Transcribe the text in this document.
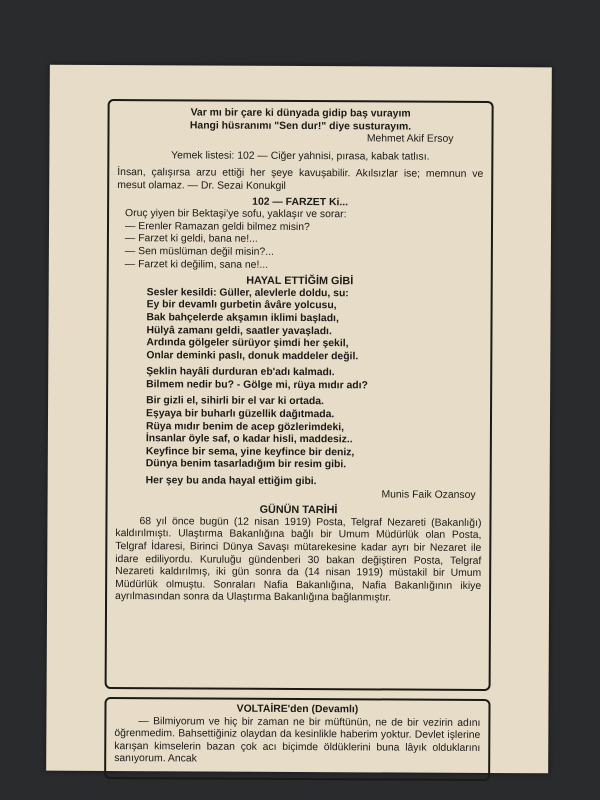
Var mı bir çare ki dünyada gidip baş vurayım

Hangi hüsranımı "Sen dur!" diye susturayım.

Mehmet Akif Ersoy

Yemek listesi: 102 — Ciğer yahnisi, pırasa, kabak tatlısı.

İnsan, çalışırsa arzu ettiği her şeye kavuşabilir. Akılsızlar ise; memnun ve mesut olamaz. — Dr. Sezai Konukgil

102 — FARZET Ki...

Oruç yiyen bir Bektaşi'ye sofu, yaklaşır ve sorar:

— Erenler Ramazan geldi bilmez misin?

— Farzet ki geldi, bana ne!...

— Sen müslüman değil misin?...

— Farzet ki değilim, sana ne!...

HAYAL ETTİĞİM GİBİ

Sesler kesildi: Güller, alevlerle doldu, su:

Ey bir devamlı gurbetin âvâre yolcusu,

Bak bahçelerde akşamın iklimi başladı,

Hülyâ zamanı geldi, saatler yavaşladı.

Ardında gölgeler sürüyor şimdi her şekil,

Onlar deminki paslı, donuk maddeler değil.

Şeklin hayâli durduran eb'adı kalmadı.

Bilmem nedir bu? - Gölge mi, rüya mıdır adı?

Bir gizli el, sihirli bir el var ki ortada.

Eşyaya bir buharlı güzellik dağıtmada.

Rüya mıdır benim de acep gözlerimdeki,

İnsanlar öyle saf, o kadar hisli, maddesiz..

Keyfince bir sema, yine keyfince bir deniz,

Dünya benim tasarladığım bir resim gibi.

Her şey bu anda hayal ettiğim gibi.

Munis Faik Ozansoy

GÜNÜN TARİHİ

68 yıl önce bugün (12 nisan 1919) Posta, Telgraf Nezareti (Bakanlığı) kaldırılmıştı. Ulaştırma Bakanlığına bağlı bir Umum Müdürlük olan Posta, Telgraf İdaresi, Birinci Dünya Savaşı mütarekesine kadar ayrı bir Nezaret ile idare ediliyordu. Kuruluğu gündenberi 30 bakan değiştiren Posta, Telgraf Nezareti kaldırılmış, iki gün sonra da (14 nisan 1919) müstakil bir Umum Müdürlük olmuştu. Sonraları Nafia Bakanlığına, Nafia Bakanlığının ikiye ayrılmasından sonra da Ulaştırma Bakanlığına bağlanmıştır.

VOLTAİRE'den (Devamlı)

— Bilmiyorum ve hiç bir zaman ne bir müftünün, ne de bir vezirin adını öğrenmedim. Bahsettiğiniz olaydan da kesinlikle haberim yoktur. Devlet işlerine karışan kimselerin bazan çok acı biçimde öldüklerini buna lâyık olduklarını sanıyorum. Ancak
